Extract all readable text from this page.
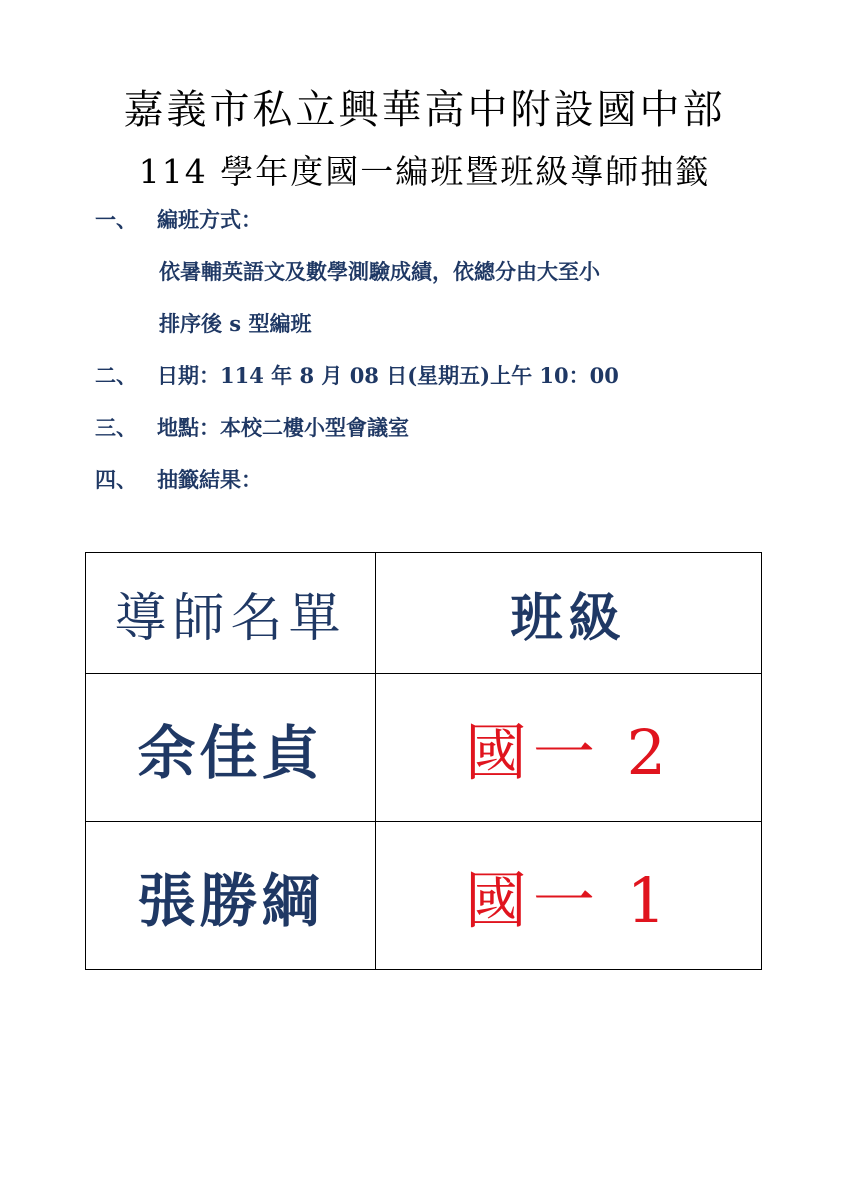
嘉義市私立興華高中附設國中部
114 學年度國一編班暨班級導師抽籤
一、 編班方式：
依暑輔英語文及數學測驗成績，依總分由大至小
排序後 s 型編班
二、 日期：114 年 8 月 08 日(星期五)上午 10：00
三、 地點：本校二樓小型會議室
四、 抽籤結果：
導師名單	班級
余佳貞	國一 2
張勝綱	國一 1
